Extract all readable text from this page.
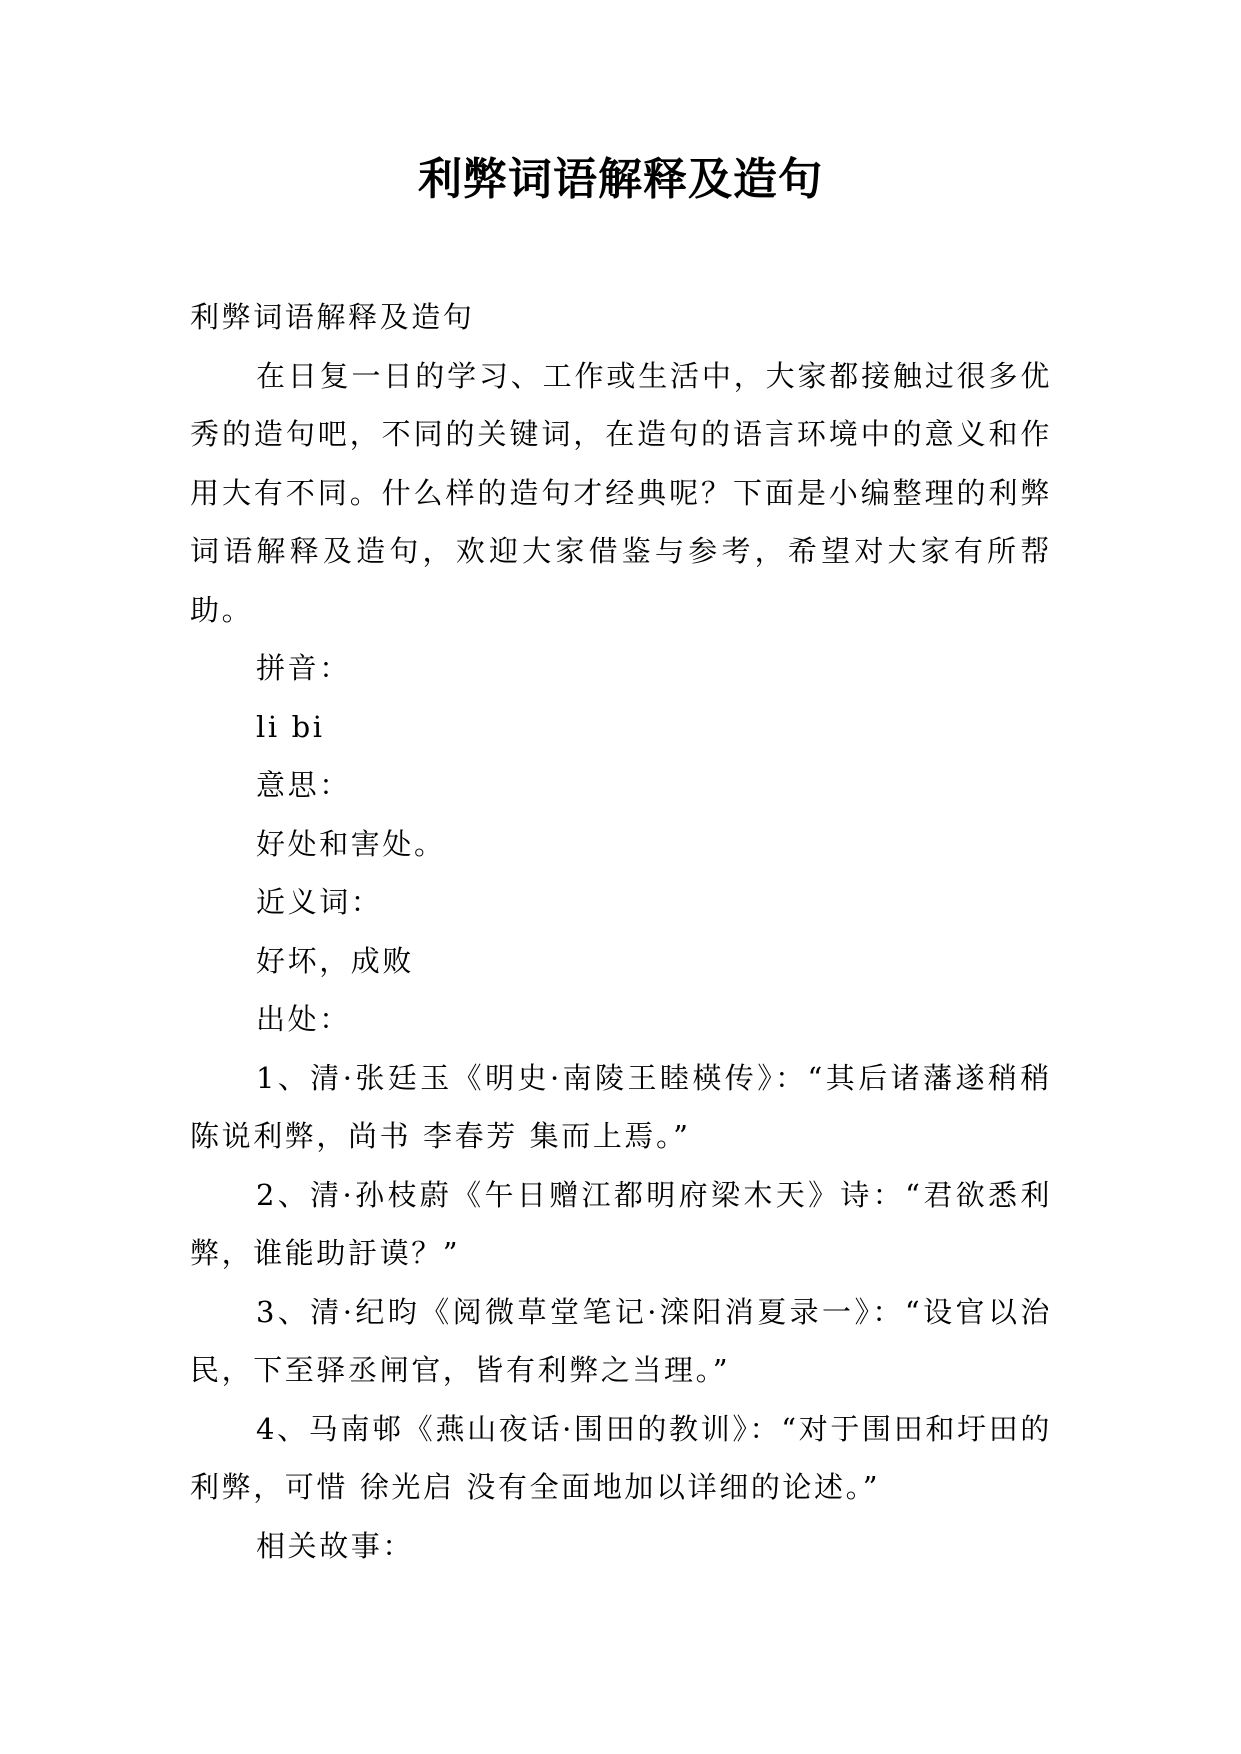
利弊词语解释及造句

利弊词语解释及造句

在日复一日的学习、工作或生活中，大家都接触过很多优秀的造句吧，不同的关键词，在造句的语言环境中的意义和作用大有不同。什么样的造句才经典呢？下面是小编整理的利弊词语解释及造句，欢迎大家借鉴与参考，希望对大家有所帮助。

拼音：

li bi

意思：

好处和害处。

近义词：

好坏，成败

出处：

1、清·张廷玉《明史·南陵王睦楧传》：“其后诸藩遂稍稍陈说利弊，尚书 李春芳 集而上焉。”

2、清·孙枝蔚《午日赠江都明府梁木天》诗：“君欲悉利弊，谁能助訏谟？”

3、清·纪昀《阅微草堂笔记·滦阳消夏录一》：“设官以治民，下至驿丞闸官，皆有利弊之当理。”

4、马南邨《燕山夜话·围田的教训》：“对于围田和圩田的利弊，可惜 徐光启 没有全面地加以详细的论述。”

相关故事：
